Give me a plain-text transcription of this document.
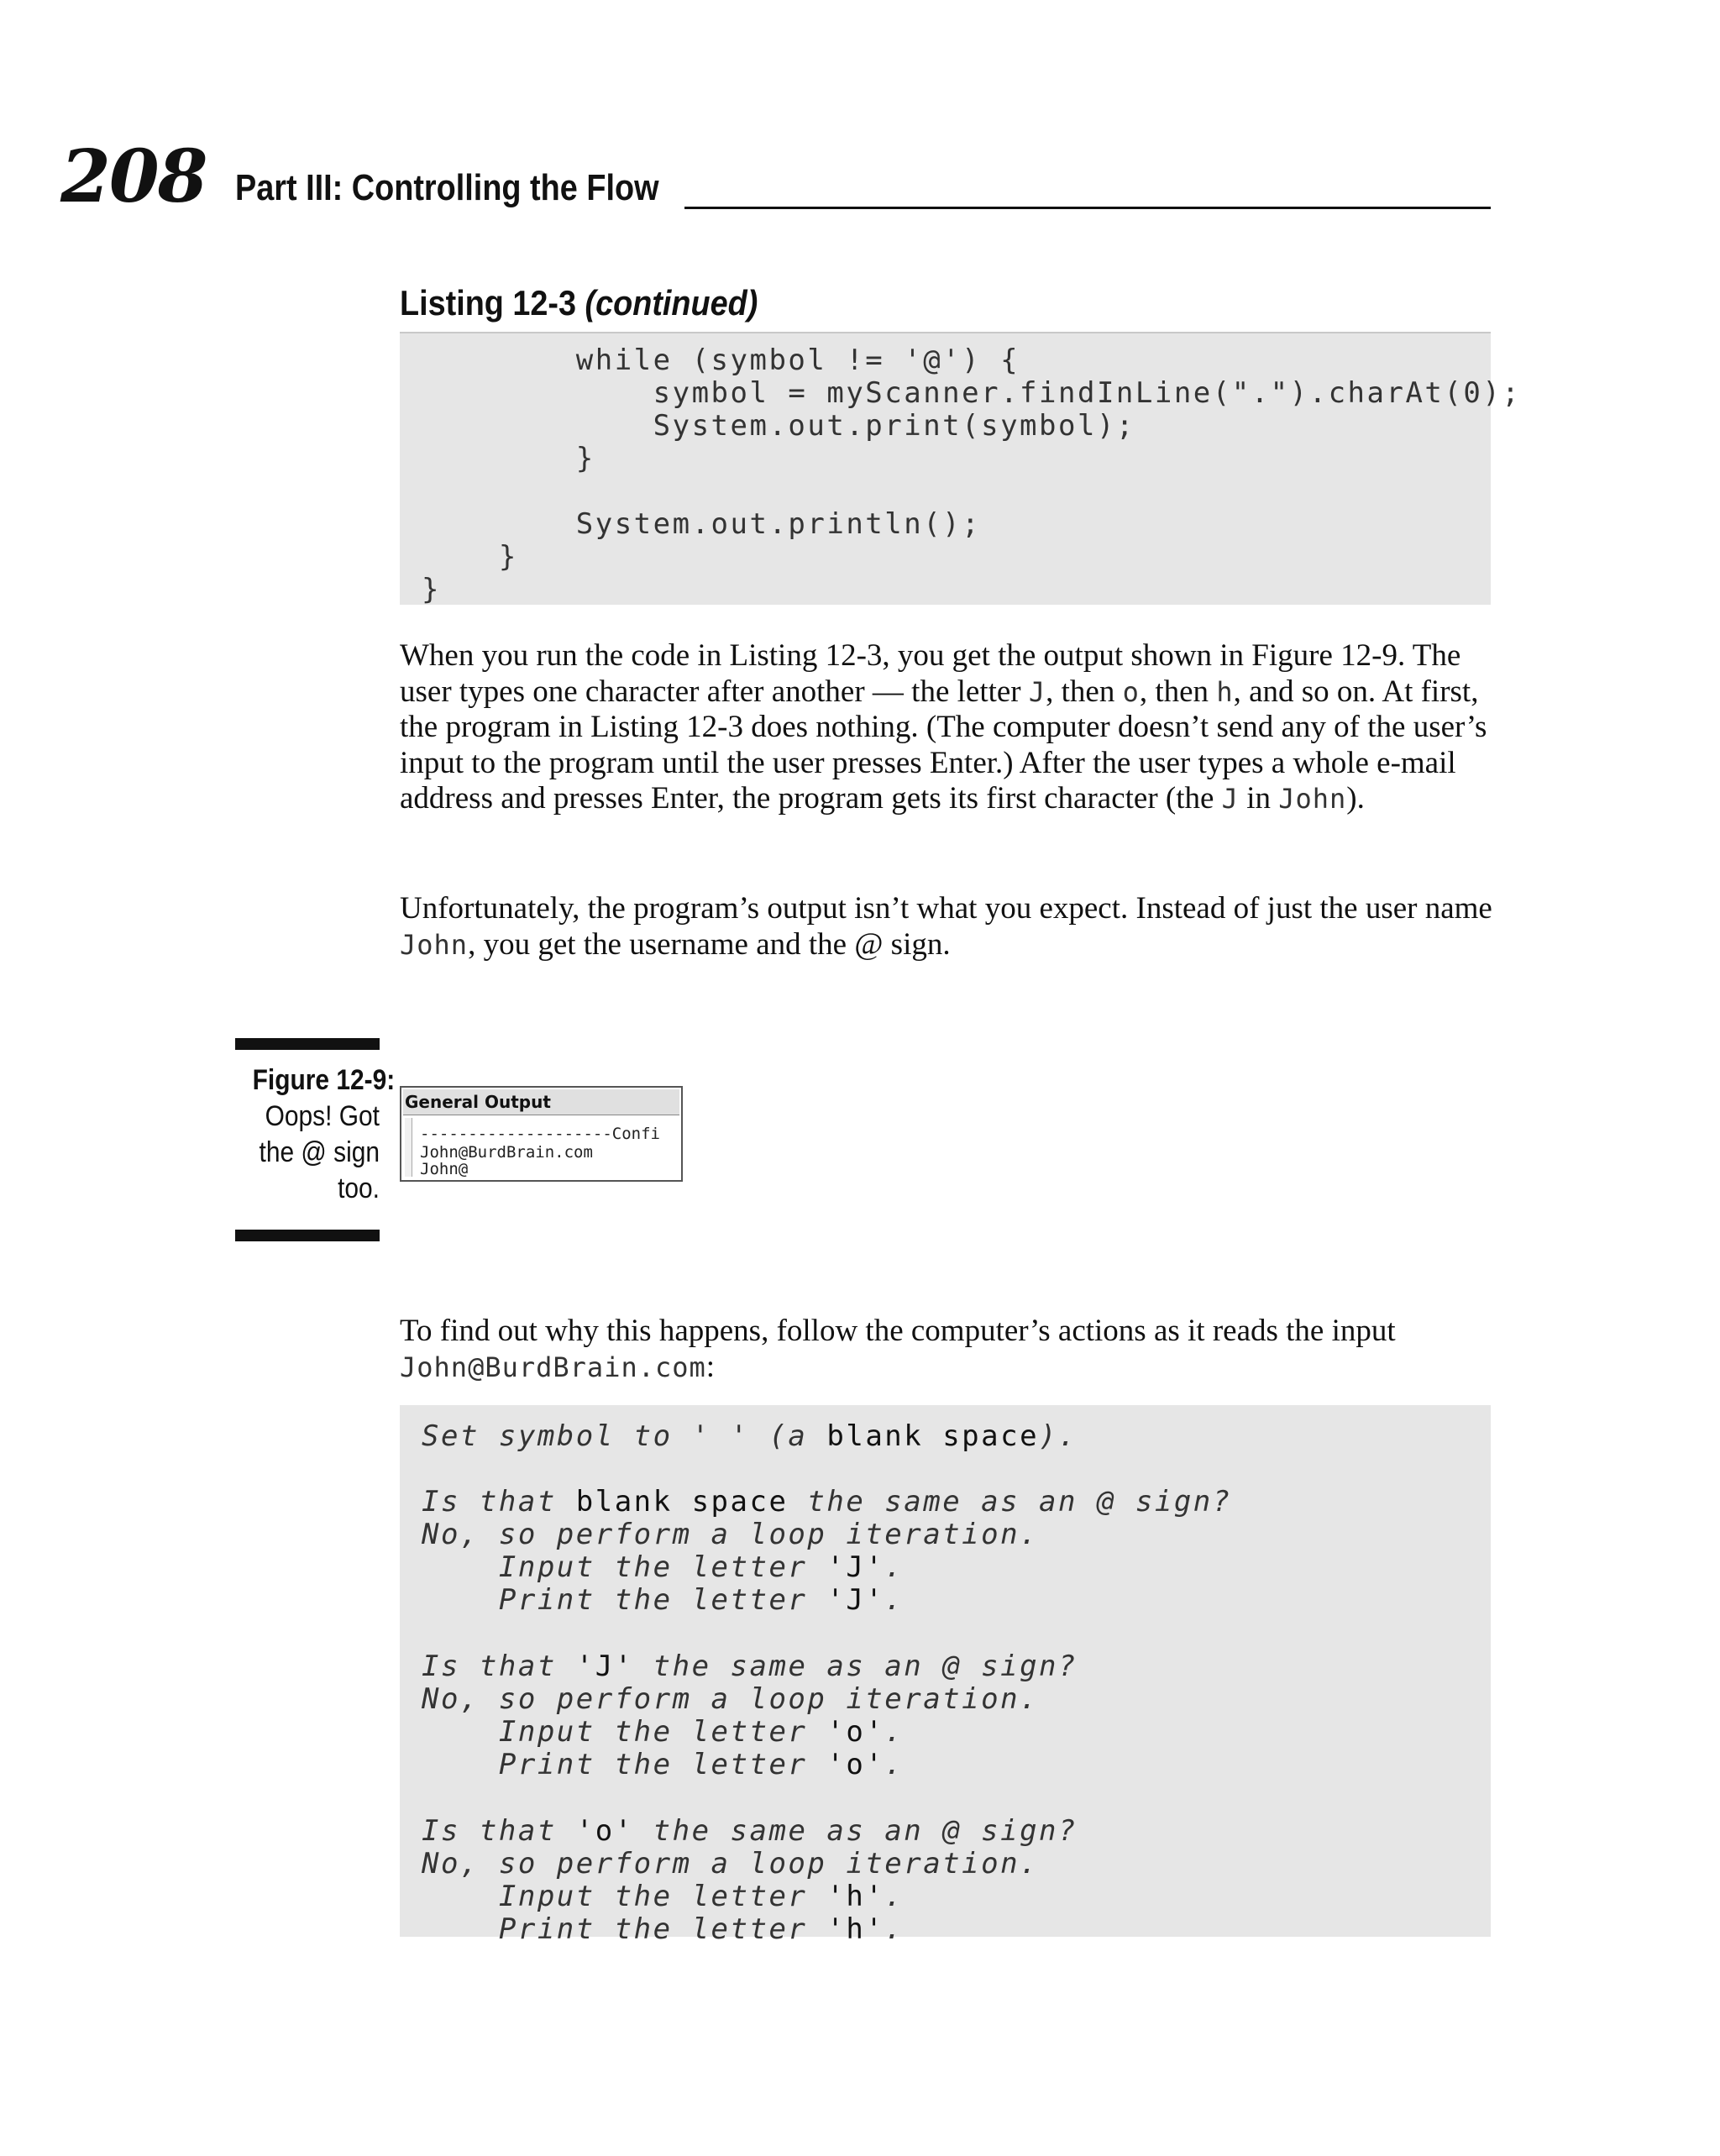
208 Part III: Controlling the Flow
Listing 12-3 (continued)
while (symbol != '@') {
symbol = myScanner.findInLine(".").charAt(0);
System.out.print(symbol);
}
System.out.println();
}
}

When you run the code in Listing 12-3, you get the output shown in Figure 12-9. The user types one character after another — the letter J, then o, then h, and so on. At first, the program in Listing 12-3 does nothing. (The computer doesn’t send any of the user’s input to the program until the user presses Enter.) After the user types a whole e-mail address and presses Enter, the program gets its first character (the J in John).

Unfortunately, the program’s output isn’t what you expect. Instead of just the user name John, you get the username and the @ sign.

Figure 12-9:
Oops! Got
the @ sign
too.
General Output
--------------------Confi
John@BurdBrain.com
John@

To find out why this happens, follow the computer’s actions as it reads the input John@BurdBrain.com:

Set symbol to ' ' (a blank space).
Is that blank space the same as an @ sign?
No, so perform a loop iteration.
Input the letter 'J'.
Print the letter 'J'.
Is that 'J' the same as an @ sign?
No, so perform a loop iteration.
Input the letter 'o'.
Print the letter 'o'.
Is that 'o' the same as an @ sign?
No, so perform a loop iteration.
Input the letter 'h'.
Print the letter 'h'.
